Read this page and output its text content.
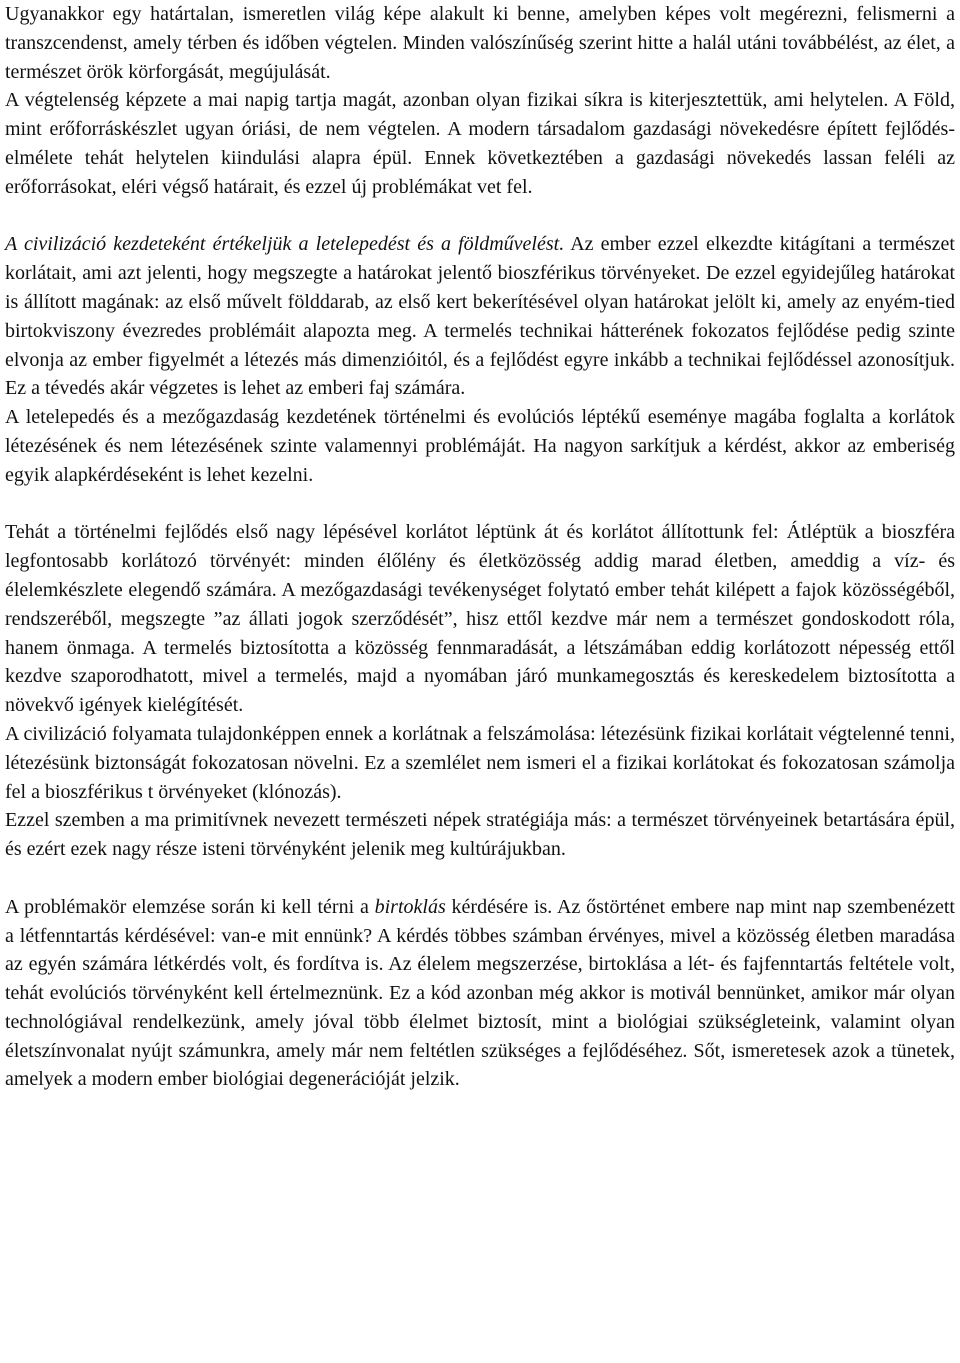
Ugyanakkor egy határtalan, ismeretlen világ képe alakult ki benne, amelyben képes volt megérezni, felismerni a transzcendenst, amely térben és időben végtelen. Minden valószínűség szerint hitte a halál utáni továbbélést, az élet, a természet örök körforgását, megújulását.

A végtelenség képzete a mai napig tartja magát, azonban olyan fizikai síkra is kiterjesztettük, ami helytelen. A Föld, mint erőforráskészlet ugyan óriási, de nem végtelen. A modern társadalom gazdasági növekedésre épített fejlődés-elmélete tehát helytelen kiindulási alapra épül. Ennek következtében a gazdasági növekedés lassan feléli az erőforrásokat, eléri végső határait, és ezzel új problémákat vet fel.

A civilizáció kezdeteként értékeljük a letelepedést és a földművelést. Az ember ezzel elkezdte kitágítani a természet korlátait, ami azt jelenti, hogy megszegte a határokat jelentő bioszférikus törvényeket. De ezzel egyidejűleg határokat is állított magának: az első művelt földdarab, az első kert bekerítésével olyan határokat jelölt ki, amely az enyém-tied birtokviszony évezredes problémáit alapozta meg. A termelés technikai hátterének fokozatos fejlődése pedig szinte elvonja az ember figyelmét a létezés más dimenzióitól, és a fejlődést egyre inkább a technikai fejlődéssel azonosítjuk. Ez a tévedés akár végzetes is lehet az emberi faj számára.

A letelepedés és a mezőgazdaság kezdetének történelmi és evolúciós léptékű eseménye magába foglalta a korlátok létezésének és nem létezésének szinte valamennyi problémáját. Ha nagyon sarkítjuk a kérdést, akkor az emberiség egyik alapkérdéseként is lehet kezelni.

Tehát a történelmi fejlődés első nagy lépésével korlátot léptünk át és korlátot állítottunk fel: Átléptük a bioszféra legfontosabb korlátozó törvényét: minden élőlény és életközösség addig marad életben, ameddig a víz- és élelemkészlete elegendő számára. A mezőgazdasági tevékenységet folytató ember tehát kilépett a fajok közösségéből, rendszeréből, megszegte ”az állati jogok szerződését”, hisz ettől kezdve már nem a természet gondoskodott róla, hanem önmaga. A termelés biztosította a közösség fennmaradását, a létszámában eddig korlátozott népesség ettől kezdve szaporodhatott, mivel a termelés, majd a nyomában járó munkamegosztás és kereskedelem biztosította a növekvő igények kielégítését.

A civilizáció folyamata tulajdonképpen ennek a korlátnak a felszámolása: létezésünk fizikai korlátait végtelenné tenni, létezésünk biztonságát fokozatosan növelni. Ez a szemlélet nem ismeri el a fizikai korlátokat és fokozatosan számolja fel a bioszférikus t örvényeket (klónozás).

Ezzel szemben a ma primitívnek nevezett természeti népek stratégiája más: a természet törvényeinek betartására épül, és ezért ezek nagy része isteni törvényként jelenik meg kultúrájukban.

A problémakör elemzése során ki kell térni a birtoklás kérdésére is. Az őstörténet embere nap mint nap szembenézett a létfenntartás kérdésével: van-e mit ennünk? A kérdés többes számban érvényes, mivel a közösség életben maradása az egyén számára létkérdés volt, és fordítva is. Az élelem megszerzése, birtoklása a lét- és fajfenntartás feltétele volt, tehát evolúciós törvényként kell értelmeznünk. Ez a kód azonban még akkor is motivál bennünket, amikor már olyan technológiával rendelkezünk, amely jóval több élelmet biztosít, mint a biológiai szükségleteink, valamint olyan életszínvonalat nyújt számunkra, amely már nem feltétlen szükséges a fejlődéséhez. Sőt, ismeretesek azok a tünetek, amelyek a modern ember biológiai degenerációját jelzik.
